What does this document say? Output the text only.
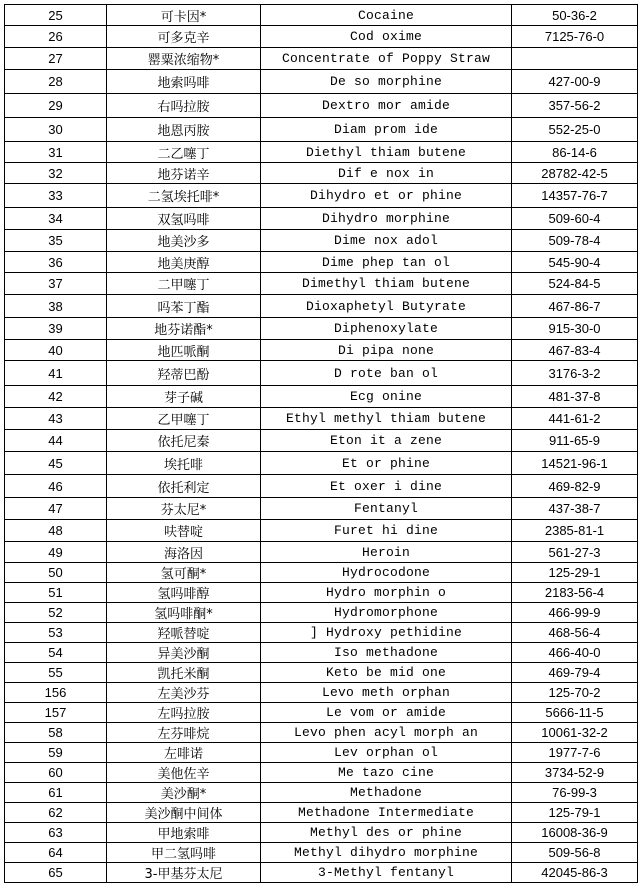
25	可卡因*	Cocaine	50-36-2
26	可多克辛	Cod oxime	7125-76-0
27	罂粟浓缩物*	Concentrate of Poppy Straw	
28	地索吗啡	De so morphine	427-00-9
29	右吗拉胺	Dextro mor amide	357-56-2
30	地恩丙胺	Diam prom ide	552-25-0
31	二乙噻丁	Diethyl thiam butene	86-14-6
32	地芬诺辛	Dif e nox in	28782-42-5
33	二氢埃托啡*	Dihydro et or phine	14357-76-7
34	双氢吗啡	Dihydro morphine	509-60-4
35	地美沙多	Dime nox adol	509-78-4
36	地美庚醇	Dime phep tan ol	545-90-4
37	二甲噻丁	Dimethyl thiam butene	524-84-5
38	吗苯丁酯	Dioxaphetyl Butyrate	467-86-7
39	地芬诺酯*	Diphenoxylate	915-30-0
40	地匹哌酮	Di pipa none	467-83-4
41	羟蒂巴酚	D rote ban ol	3176-3-2
42	芽子碱	Ecg onine	481-37-8
43	乙甲噻丁	Ethyl methyl thiam butene	441-61-2
44	依托尼秦	Eton it a zene	911-65-9
45	埃托啡	Et or phine	14521-96-1
46	依托利定	Et oxer i dine	469-82-9
47	芬太尼*	Fentanyl	437-38-7
48	呋替啶	Furet hi dine	2385-81-1
49	海洛因	Heroin	561-27-3
50	氢可酮*	Hydrocodone	125-29-1
51	氢吗啡醇	Hydro morphin o	2183-56-4
52	氢吗啡酮*	Hydromorphone	466-99-9
53	羟哌替啶	] Hydroxy pethidine	468-56-4
54	异美沙酮	Iso methadone	466-40-0
55	凯托米酮	Keto be mid one	469-79-4
156	左美沙芬	Levo meth orphan	125-70-2
157	左吗拉胺	Le vom or amide	5666-11-5
58	左芬啡烷	Levo phen acyl morph an	10061-32-2
59	左啡诺	Lev orphan ol	1977-7-6
60	美他佐辛	Me tazo cine	3734-52-9
61	美沙酮*	Methadone	76-99-3
62	美沙酮中间体	Methadone Intermediate	125-79-1
63	甲地索啡	Methyl des or phine	16008-36-9
64	甲二氢吗啡	Methyl dihydro morphine	509-56-8
65	3-甲基芬太尼	3-Methyl fentanyl	42045-86-3
